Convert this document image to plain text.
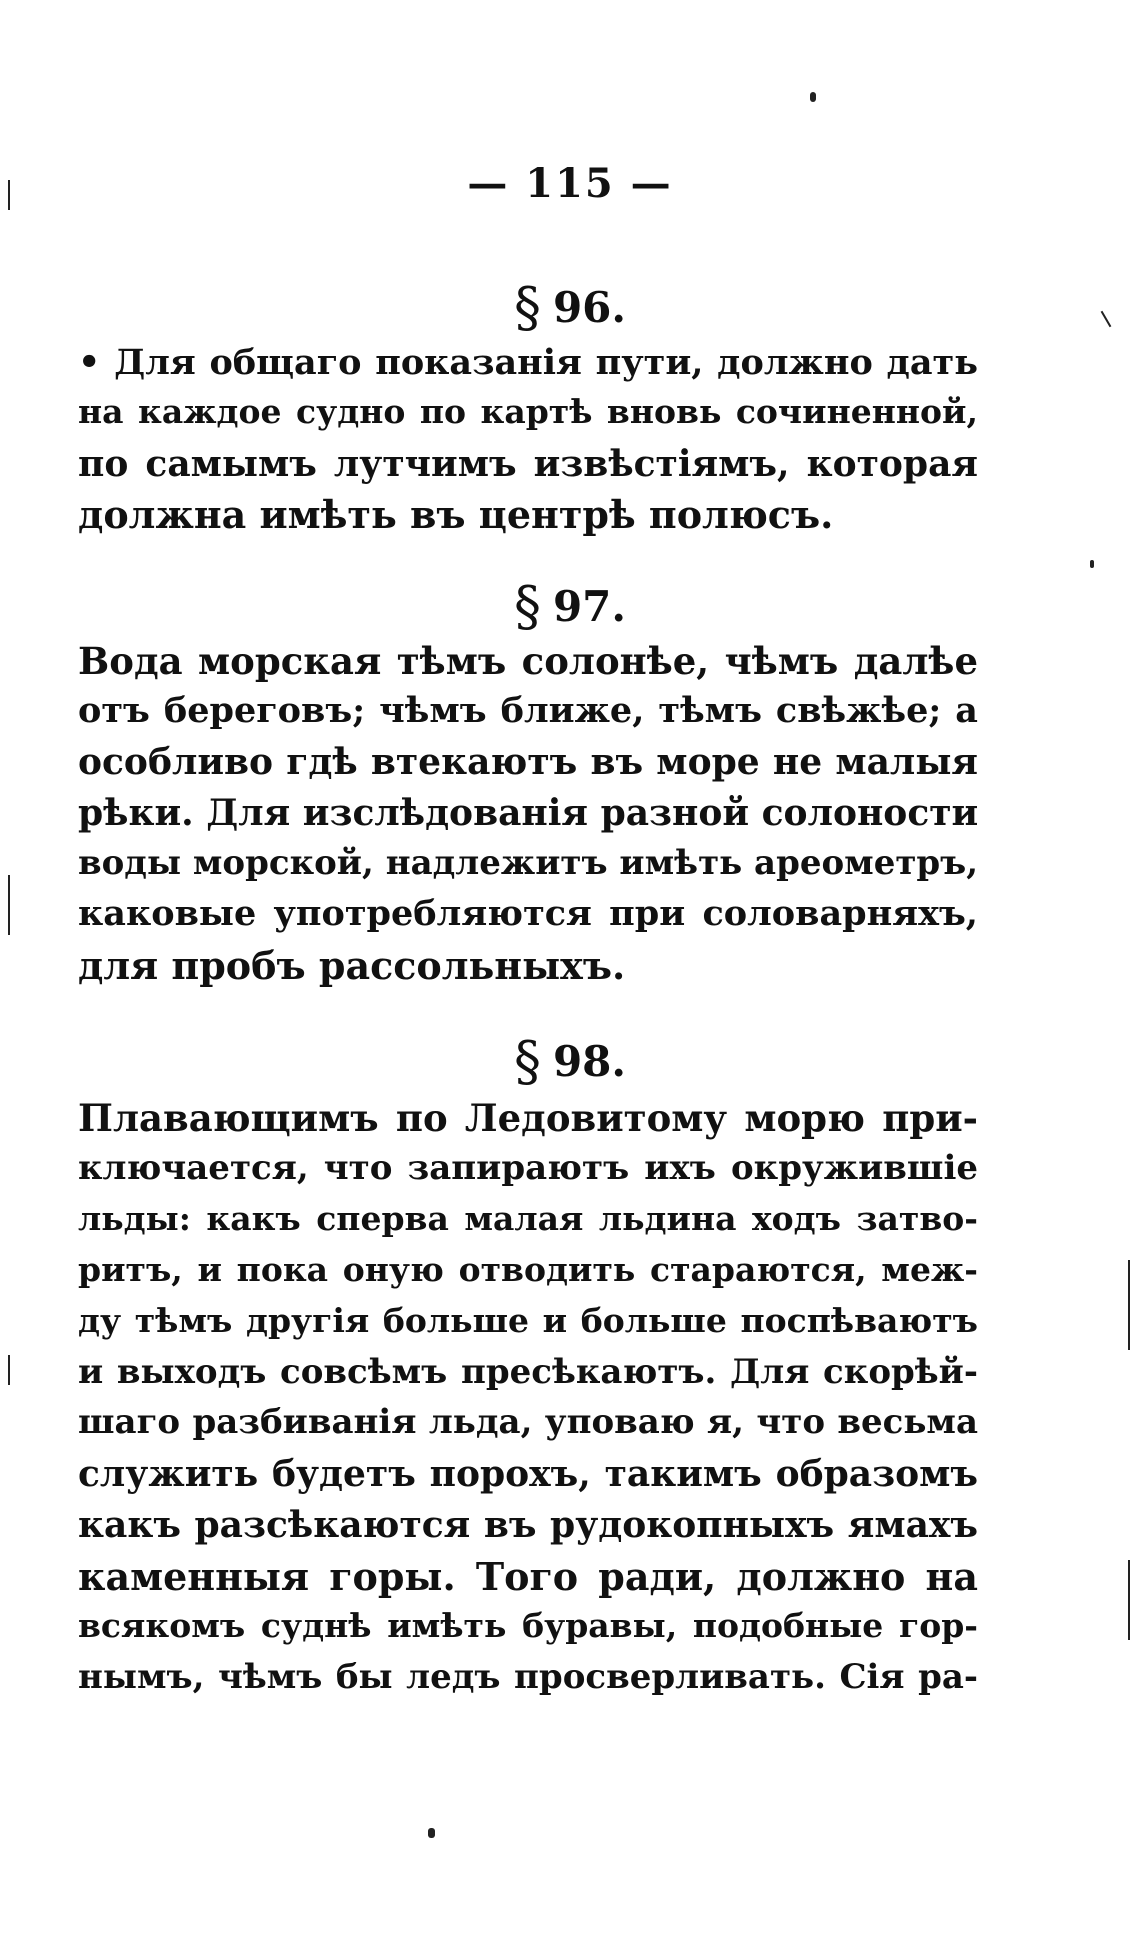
— 115 —
§ 96.
• Для общаго показанія пути, должно дать
на каждое судно по картѣ вновь сочиненной,
по самымъ лутчимъ извѣстіямъ, которая
должна имѣть въ центрѣ полюсъ.
§ 97.
Вода морская тѣмъ солонѣе, чѣмъ далѣе
отъ береговъ; чѣмъ ближе, тѣмъ свѣжѣе; а
особливо гдѣ втекаютъ въ море не малыя
рѣки. Для изслѣдованія разной солоности
воды морской, надлежитъ имѣть ареометръ,
каковые употребляются при соловарняхъ,
для пробъ рассольныхъ.
§ 98.
Плавающимъ по Ледовитому морю при-
ключается, что запираютъ ихъ окружившіе
льды: какъ сперва малая льдина ходъ затво-
ритъ, и пока оную отводить стараются, меж-
ду тѣмъ другія больше и больше поспѣваютъ
и выходъ совсѣмъ пресѣкаютъ. Для скорѣй-
шаго разбиванія льда, уповаю я, что весьма
служить будетъ порохъ, такимъ образомъ
какъ разсѣкаются въ рудокопныхъ ямахъ
каменныя горы. Того ради, должно на
всякомъ суднѣ имѣть буравы, подобные гор-
нымъ, чѣмъ бы ледъ просверливать. Сія ра-
